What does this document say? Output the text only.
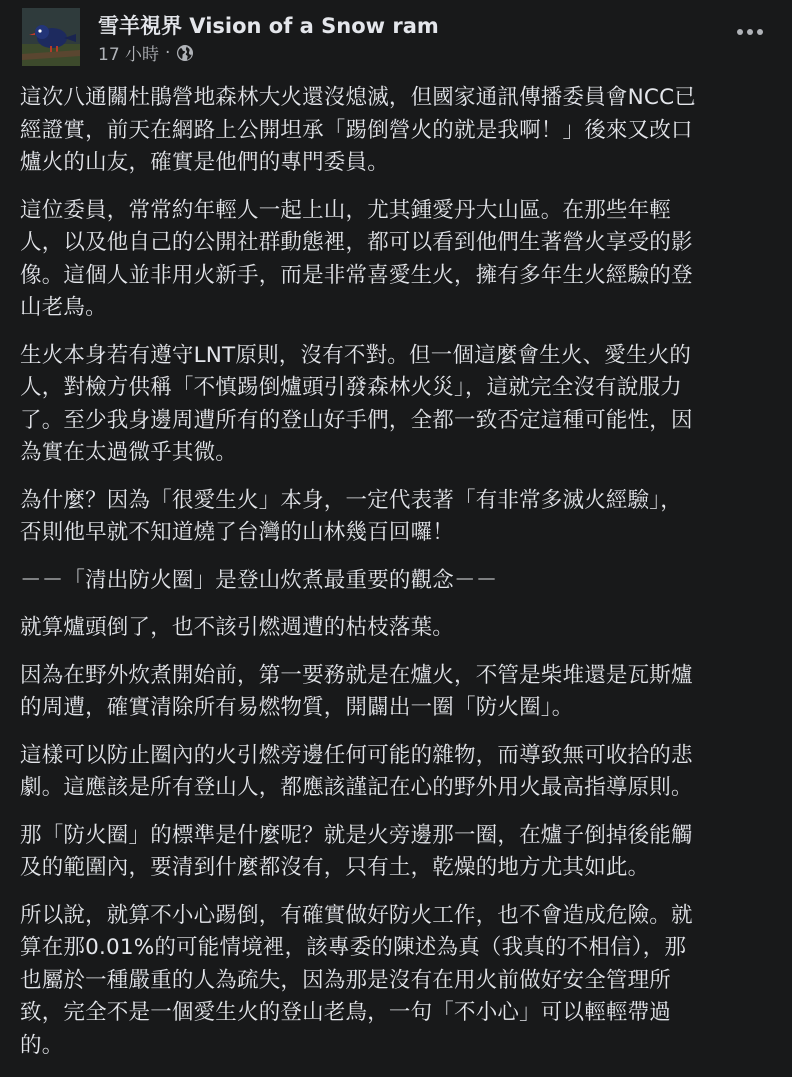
雪羊視界 Vision of a Snow ram
17 小時 ·

這次八通關杜鵑營地森林大火還沒熄滅，但國家通訊傳播委員會NCC已
經證實，前天在網路上公開坦承「踢倒營火的就是我啊！」後來又改口
爐火的山友，確實是他們的專門委員。

這位委員，常常約年輕人一起上山，尤其鍾愛丹大山區。在那些年輕
人，以及他自己的公開社群動態裡，都可以看到他們生著營火享受的影
像。這個人並非用火新手，而是非常喜愛生火，擁有多年生火經驗的登
山老鳥。

生火本身若有遵守LNT原則，沒有不對。但一個這麼會生火、愛生火的
人，對檢方供稱「不慎踢倒爐頭引發森林火災」，這就完全沒有說服力
了。至少我身邊周遭所有的登山好手們，全都一致否定這種可能性，因
為實在太過微乎其微。

為什麼？因為「很愛生火」本身，一定代表著「有非常多滅火經驗」，
否則他早就不知道燒了台灣的山林幾百回囉！

－－「清出防火圈」是登山炊煮最重要的觀念－－

就算爐頭倒了，也不該引燃週遭的枯枝落葉。

因為在野外炊煮開始前，第一要務就是在爐火，不管是柴堆還是瓦斯爐
的周遭，確實清除所有易燃物質，開闢出一圈「防火圈」。

這樣可以防止圈內的火引燃旁邊任何可能的雜物，而導致無可收拾的悲
劇。這應該是所有登山人，都應該謹記在心的野外用火最高指導原則。

那「防火圈」的標準是什麼呢？就是火旁邊那一圈，在爐子倒掉後能觸
及的範圍內，要清到什麼都沒有，只有土，乾燥的地方尤其如此。

所以說，就算不小心踢倒，有確實做好防火工作，也不會造成危險。就
算在那0.01%的可能情境裡，該專委的陳述為真（我真的不相信），那
也屬於一種嚴重的人為疏失，因為那是沒有在用火前做好安全管理所
致，完全不是一個愛生火的登山老鳥，一句「不小心」可以輕輕帶過
的。
